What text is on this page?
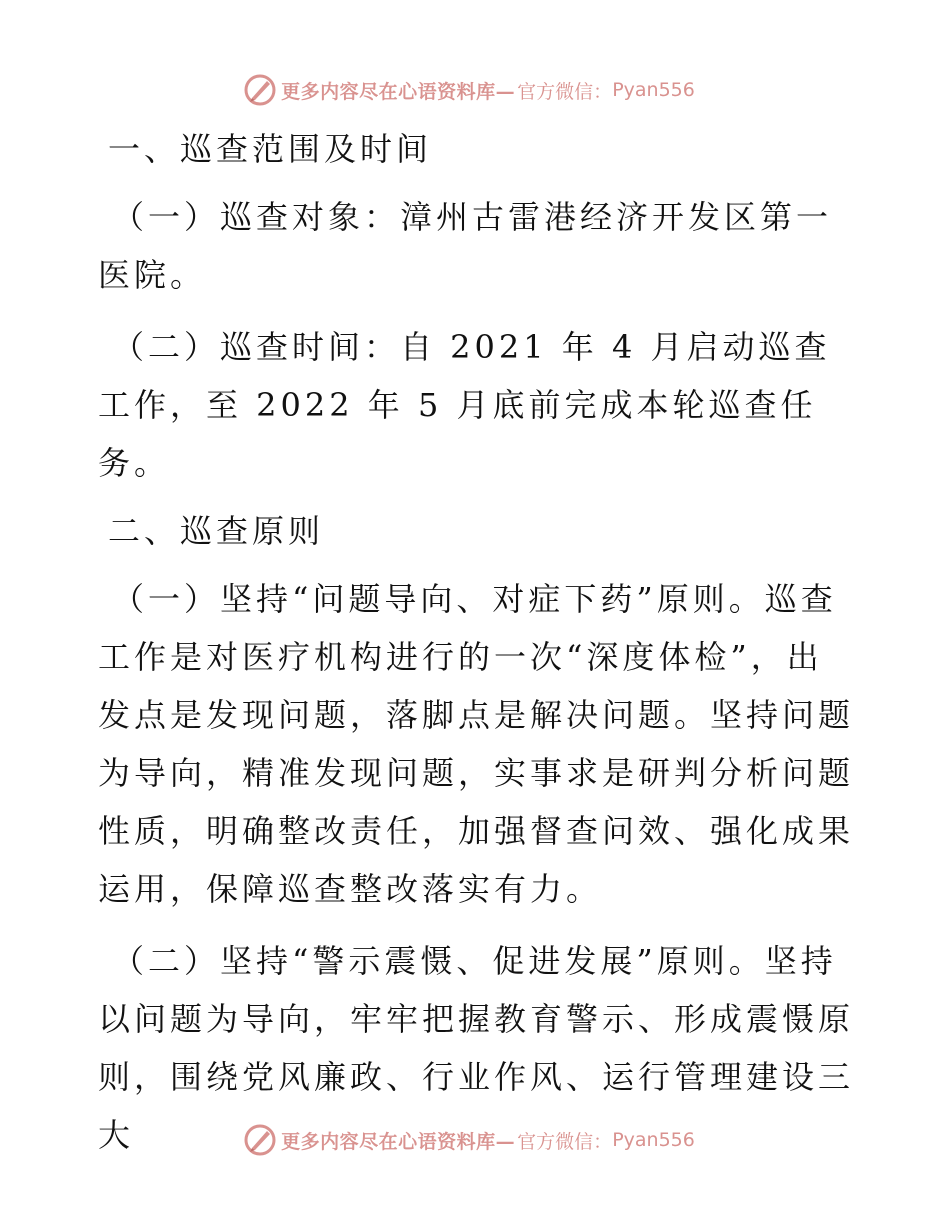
更多内容尽在心语资料库— 官方微信： Pyan556
一、巡查范围及时间
（一）巡查对象：漳州古雷港经济开发区第一医院。
（二）巡查时间：自 2021 年 4 月启动巡查工作，至 2022 年 5 月底前完成本轮巡查任务。
二、巡查原则
（一）坚持“问题导向、对症下药”原则。巡查工作是对医疗机构进行的一次“深度体检”，出发点是发现问题，落脚点是解决问题。坚持问题为导向，精准发现问题，实事求是研判分析问题性质，明确整改责任，加强督查问效、强化成果运用，保障巡查整改落实有力。
（二）坚持“警示震慑、促进发展”原则。坚持以问题为导向，牢牢把握教育警示、形成震慑原则，围绕党风廉政、行业作风、运行管理建设三大	更多内容尽在心语资料库— 官方微信： Pyan556
